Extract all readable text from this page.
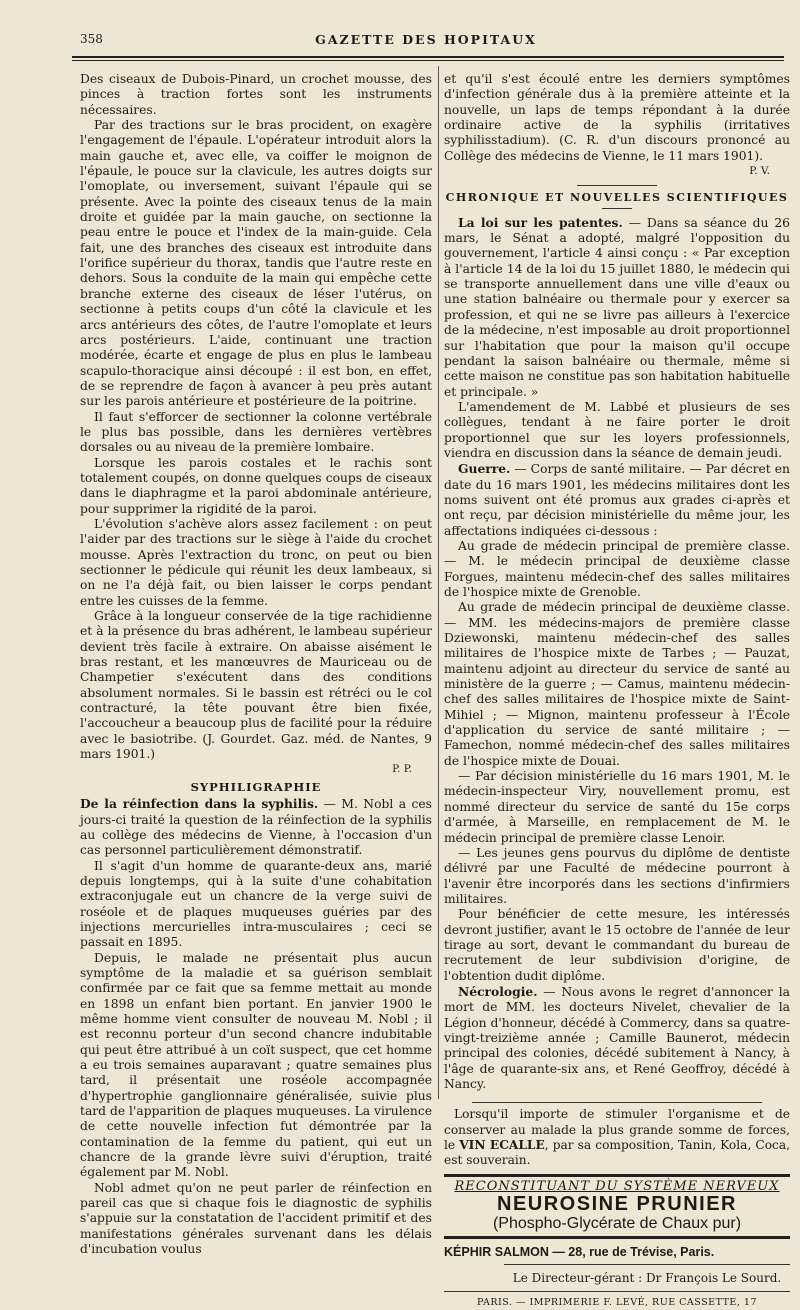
358	GAZETTE DES HOPITAUX

Des ciseaux de Dubois-Pinard, un crochet mousse, des pinces à traction fortes sont les instruments nécessaires.

Par des tractions sur le bras procident, on exagère l'engagement de l'épaule. L'opérateur introduit alors la main gauche et, avec elle, va coiffer le moignon de l'épaule, le pouce sur la clavicule, les autres doigts sur l'omoplate, ou inversement, suivant l'épaule qui se présente. Avec la pointe des ciseaux tenus de la main droite et guidée par la main gauche, on sectionne la peau entre le pouce et l'index de la main-guide. Cela fait, une des branches des ciseaux est introduite dans l'orifice supérieur du thorax, tandis que l'autre reste en dehors. Sous la conduite de la main qui empêche cette branche externe des ciseaux de léser l'utérus, on sectionne à petits coups d'un côté la clavicule et les arcs antérieurs des côtes, de l'autre l'omoplate et leurs arcs postérieurs. L'aide, continuant une traction modérée, écarte et engage de plus en plus le lambeau scapulo-thoracique ainsi découpé : il est bon, en effet, de se reprendre de façon à avancer à peu près autant sur les parois antérieure et postérieure de la poitrine.

Il faut s'efforcer de sectionner la colonne vertébrale le plus bas possible, dans les dernières vertèbres dorsales ou au niveau de la première lombaire.

Lorsque les parois costales et le rachis sont totalement coupés, on donne quelques coups de ciseaux dans le diaphragme et la paroi abdominale antérieure, pour supprimer la rigidité de la paroi.

L'évolution s'achève alors assez facilement : on peut l'aider par des tractions sur le siège à l'aide du crochet mousse. Après l'extraction du tronc, on peut ou bien sectionner le pédicule qui réunit les deux lambeaux, si on ne l'a déjà fait, ou bien laisser le corps pendant entre les cuisses de la femme.

Grâce à la longueur conservée de la tige rachidienne et à la présence du bras adhérent, le lambeau supérieur devient très facile à extraire. On abaisse aisément le bras restant, et les manœuvres de Mauriceau ou de Champetier s'exécutent dans des conditions absolument normales. Si le bassin est rétréci ou le col contracturé, la tête pouvant être bien fixée, l'accoucheur a beaucoup plus de facilité pour la réduire avec le basiotribe. (J. Gourdet. Gaz. méd. de Nantes, 9 mars 1901.)

P. P.
SYPHILIGRAPHIE

De la réinfection dans la syphilis. — M. Nobl a ces jours-ci traité la question de la réinfection de la syphilis au collège des médecins de Vienne, à l'occasion d'un cas personnel particulièrement démonstratif.

Il s'agit d'un homme de quarante-deux ans, marié depuis longtemps, qui à la suite d'une cohabitation extraconjugale eut un chancre de la verge suivi de roséole et de plaques muqueuses guéries par des injections mercurielles intra-musculaires ; ceci se passait en 1895.

Depuis, le malade ne présentait plus aucun symptôme de la maladie et sa guérison semblait confirmée par ce fait que sa femme mettait au monde en 1898 un enfant bien portant. En janvier 1900 le même homme vient consulter de nouveau M. Nobl ; il est reconnu porteur d'un second chancre indubitable qui peut être attribué à un coït suspect, que cet homme a eu trois semaines auparavant ; quatre semaines plus tard, il présentait une roséole accompagnée d'hypertrophie ganglionnaire généralisée, suivie plus tard de l'apparition de plaques muqueuses. La virulence de cette nouvelle infection fut démontrée par la contamination de la femme du patient, qui eut un chancre de la grande lèvre suivi d'éruption, traité également par M. Nobl.

Nobl admet qu'on ne peut parler de réinfection en pareil cas que si chaque fois le diagnostic de syphilis s'appuie sur la constatation de l'accident primitif et des manifestations générales survenant dans les délais d'incubation voulus

et qu'il s'est écoulé entre les derniers symptômes d'infection générale dus à la première atteinte et la nouvelle, un laps de temps répondant à la durée ordinaire active de la syphilis (irritatives syphilisstadium). (C. R. d'un discours prononcé au Collège des médecins de Vienne, le 11 mars 1901).

P. V.
CHRONIQUE ET NOUVELLES SCIENTIFIQUES

La loi sur les patentes. — Dans sa séance du 26 mars, le Sénat a adopté, malgré l'opposition du gouvernement, l'article 4 ainsi conçu : « Par exception à l'article 14 de la loi du 15 juillet 1880, le médecin qui se transporte annuellement dans une ville d'eaux ou une station balnéaire ou thermale pour y exercer sa profession, et qui ne se livre pas ailleurs à l'exercice de la médecine, n'est imposable au droit proportionnel sur l'habitation que pour la maison qu'il occupe pendant la saison balnéaire ou thermale, même si cette maison ne constitue pas son habitation habituelle et principale. »

L'amendement de M. Labbé et plusieurs de ses collègues, tendant à ne faire porter le droit proportionnel que sur les loyers professionnels, viendra en discussion dans la séance de demain jeudi.

Guerre. — Corps de santé militaire. — Par décret en date du 16 mars 1901, les médecins militaires dont les noms suivent ont été promus aux grades ci-après et ont reçu, par décision ministérielle du même jour, les affectations indiquées ci-dessous :

Au grade de médecin principal de première classe. — M. le médecin principal de deuxième classe Forgues, maintenu médecin-chef des salles militaires de l'hospice mixte de Grenoble.

Au grade de médecin principal de deuxième classe. — MM. les médecins-majors de première classe Dziewonski, maintenu médecin-chef des salles militaires de l'hospice mixte de Tarbes ; — Pauzat, maintenu adjoint au directeur du service de santé au ministère de la guerre ; — Camus, maintenu médecin-chef des salles militaires de l'hospice mixte de Saint-Mihiel ; — Mignon, maintenu professeur à l'École d'application du service de santé militaire ; — Famechon, nommé médecin-chef des salles militaires de l'hospice mixte de Douai.

— Par décision ministérielle du 16 mars 1901, M. le médecin-inspecteur Viry, nouvellement promu, est nommé directeur du service de santé du 15e corps d'armée, à Marseille, en remplacement de M. le médecin principal de première classe Lenoir.

— Les jeunes gens pourvus du diplôme de dentiste délivré par une Faculté de médecine pourront à l'avenir être incorporés dans les sections d'infirmiers militaires.

Pour bénéficier de cette mesure, les intéressés devront justifier, avant le 15 octobre de l'année de leur tirage au sort, devant le commandant du bureau de recrutement de leur subdivision d'origine, de l'obtention dudit diplôme.

Nécrologie. — Nous avons le regret d'annoncer la mort de MM. les docteurs Nivelet, chevalier de la Légion d'honneur, décédé à Commercy, dans sa quatre-vingt-treizième année ; Camille Baunerot, médecin principal des colonies, décédé subitement à Nancy, à l'âge de quarante-six ans, et René Geoffroy, décédé à Nancy.

Lorsqu'il importe de stimuler l'organisme et de conserver au malade la plus grande somme de forces, le VIN ECALLE, par sa composition, Tanin, Kola, Coca, est souverain.

RECONSTITUANT DU SYSTÈME NERVEUX
NEUROSINE PRUNIER
(Phospho-Glycérate de Chaux pur)
KÉPHIR SALMON — 28, rue de Trévise, Paris.
Le Directeur-gérant : Dr François Le Sourd.
PARIS. — IMPRIMERIE F. LEVÉ, RUE CASSETTE, 17
